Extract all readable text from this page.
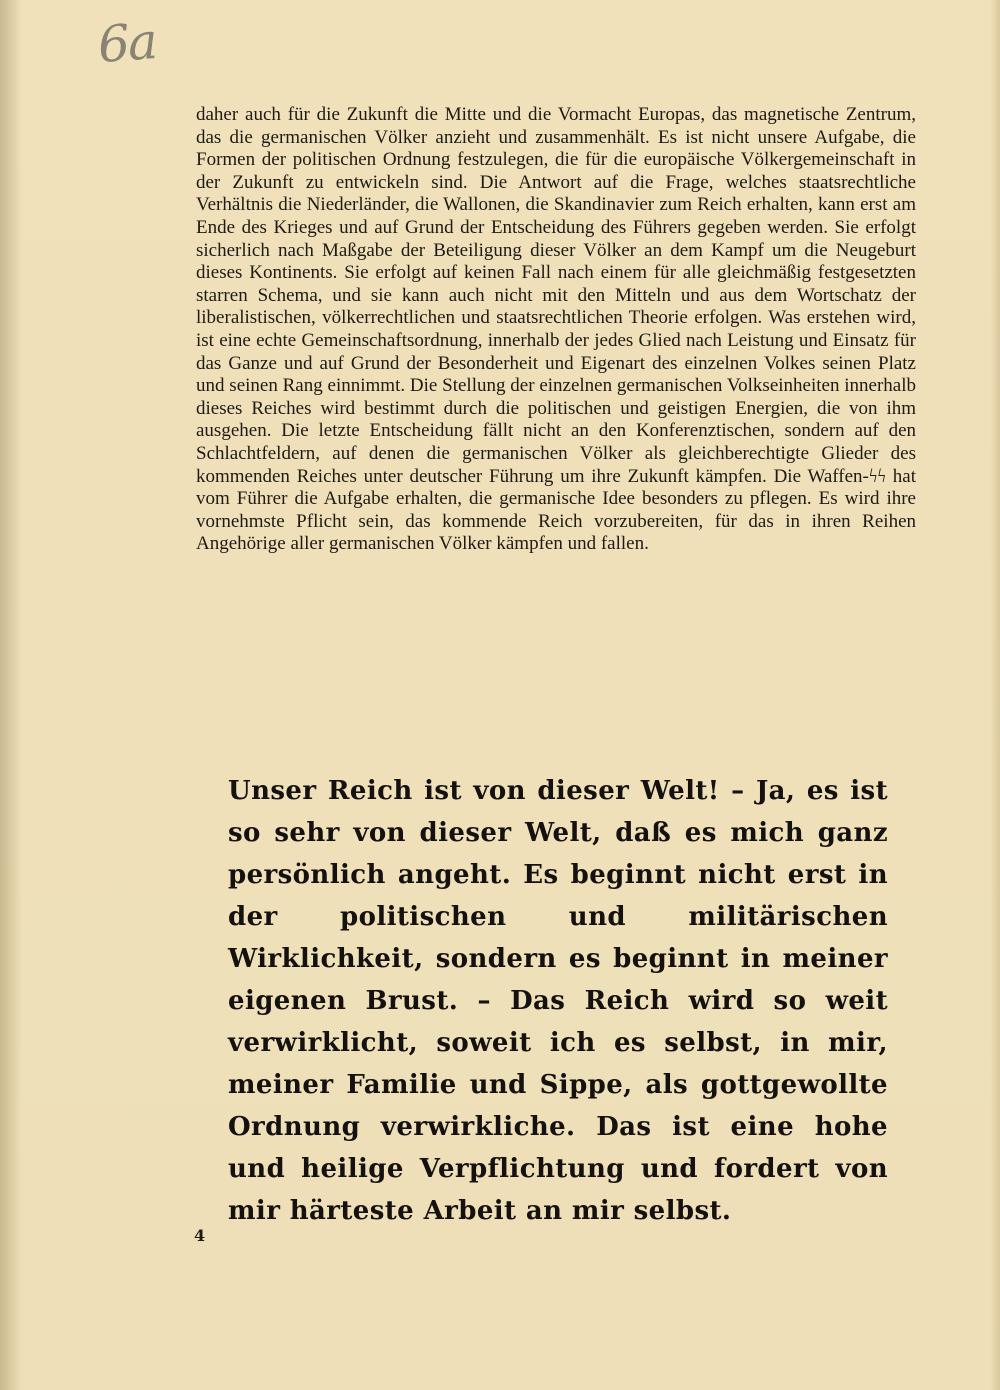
6a

daher auch für die Zukunft die Mitte und die Vormacht Europas, das magnetische Zentrum, das die germanischen Völker anzieht und zusammenhält. Es ist nicht unsere Aufgabe, die Formen der politischen Ordnung festzulegen, die für die europäische Völkergemeinschaft in der Zukunft zu entwickeln sind. Die Antwort auf die Frage, welches staatsrechtliche Verhältnis die Niederländer, die Wallonen, die Skandinavier zum Reich erhalten, kann erst am Ende des Krieges und auf Grund der Entscheidung des Führers gegeben werden. Sie erfolgt sicherlich nach Maßgabe der Beteiligung dieser Völker an dem Kampf um die Neugeburt dieses Kontinents. Sie erfolgt auf keinen Fall nach einem für alle gleichmäßig festgesetzten starren Schema, und sie kann auch nicht mit den Mitteln und aus dem Wortschatz der liberalistischen, völkerrechtlichen und staatsrechtlichen Theorie erfolgen. Was erstehen wird, ist eine echte Gemeinschaftsordnung, innerhalb der jedes Glied nach Leistung und Einsatz für das Ganze und auf Grund der Besonderheit und Eigenart des einzelnen Volkes seinen Platz und seinen Rang einnimmt. Die Stellung der einzelnen germanischen Volkseinheiten innerhalb dieses Reiches wird bestimmt durch die politischen und geistigen Energien, die von ihm ausgehen. Die letzte Entscheidung fällt nicht an den Konferenztischen, sondern auf den Schlachtfeldern, auf denen die germanischen Völker als gleichberechtigte Glieder des kommenden Reiches unter deutscher Führung um ihre Zukunft kämpfen. Die Waffen-ϟϟ hat vom Führer die Aufgabe erhalten, die germanische Idee besonders zu pflegen. Es wird ihre vornehmste Pflicht sein, das kommende Reich vorzubereiten, für das in ihren Reihen Angehörige aller germanischen Völker kämpfen und fallen.

Unser Reich ist von dieser Welt! – Ja, es ist so sehr von dieser Welt, daß es mich ganz persönlich angeht. Es beginnt nicht erst in der politischen und militärischen Wirklichkeit, sondern es beginnt in meiner eigenen Brust. – Das Reich wird so weit verwirklicht, soweit ich es selbst, in mir, meiner Familie und Sippe, als gottgewollte Ordnung verwirkliche. Das ist eine hohe und heilige Verpflichtung und fordert von mir härteste Arbeit an mir selbst.

4
